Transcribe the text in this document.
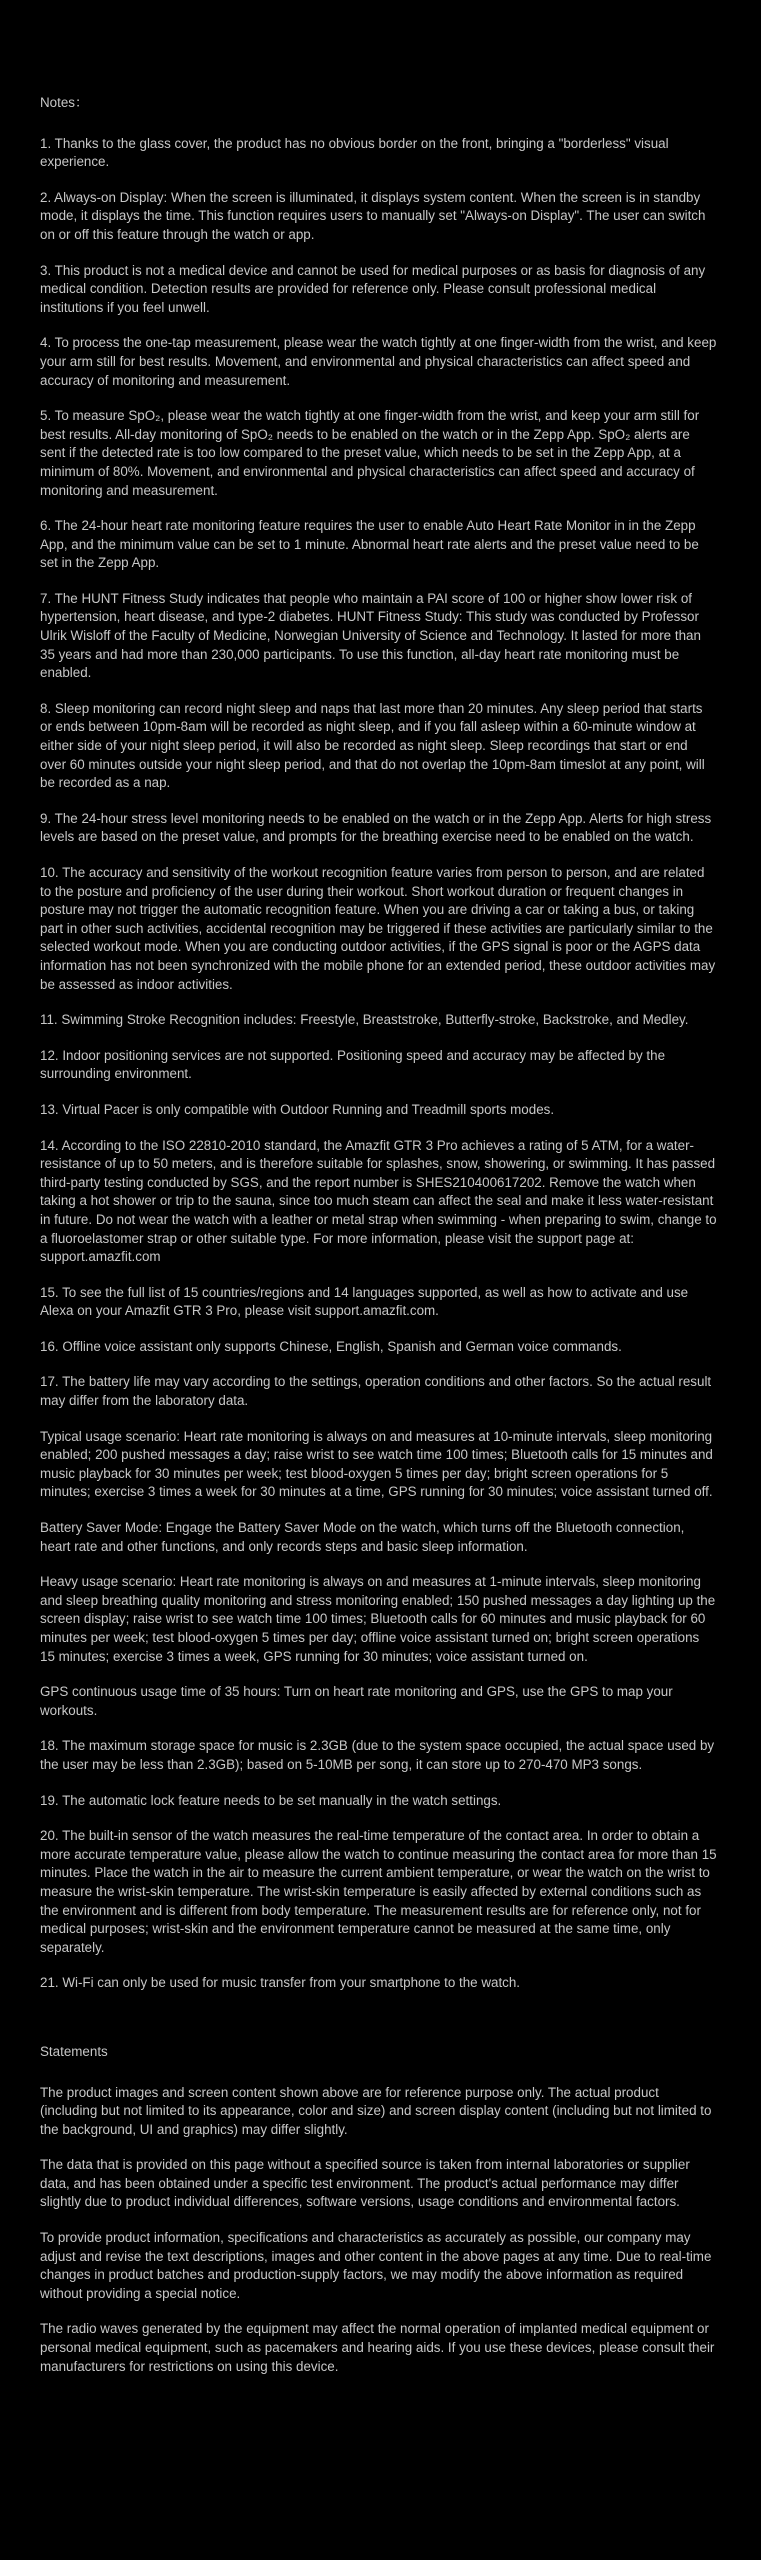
Notes：

1. Thanks to the glass cover, the product has no obvious border on the front, bringing a "borderless" visual experience.

2. Always-on Display: When the screen is illuminated, it displays system content. When the screen is in standby mode, it displays the time. This function requires users to manually set "Always-on Display". The user can switch on or off this feature through the watch or app.

3. This product is not a medical device and cannot be used for medical purposes or as basis for diagnosis of any medical condition. Detection results are provided for reference only. Please consult professional medical institutions if you feel unwell.

4. To process the one-tap measurement, please wear the watch tightly at one finger-width from the wrist, and keep your arm still for best results. Movement, and environmental and physical characteristics can affect speed and accuracy of monitoring and measurement.

5. To measure SpO₂, please wear the watch tightly at one finger-width from the wrist, and keep your arm still for best results. All-day monitoring of SpO₂ needs to be enabled on the watch or in the Zepp App. SpO₂ alerts are sent if the detected rate is too low compared to the preset value, which needs to be set in the Zepp App, at a minimum of 80%. Movement, and environmental and physical characteristics can affect speed and accuracy of monitoring and measurement.

6. The 24-hour heart rate monitoring feature requires the user to enable Auto Heart Rate Monitor in in the Zepp App, and the minimum value can be set to 1 minute. Abnormal heart rate alerts and the preset value need to be set in the Zepp App.

7. The HUNT Fitness Study indicates that people who maintain a PAI score of 100 or higher show lower risk of hypertension, heart disease, and type-2 diabetes. HUNT Fitness Study: This study was conducted by Professor Ulrik Wisloff of the Faculty of Medicine, Norwegian University of Science and Technology. It lasted for more than 35 years and had more than 230,000 participants. To use this function, all-day heart rate monitoring must be enabled.

8. Sleep monitoring can record night sleep and naps that last more than 20 minutes. Any sleep period that starts or ends between 10pm-8am will be recorded as night sleep, and if you fall asleep within a 60-minute window at either side of your night sleep period, it will also be recorded as night sleep. Sleep recordings that start or end over 60 minutes outside your night sleep period, and that do not overlap the 10pm-8am timeslot at any point, will be recorded as a nap.

9. The 24-hour stress level monitoring needs to be enabled on the watch or in the Zepp App. Alerts for high stress levels are based on the preset value, and prompts for the breathing exercise need to be enabled on the watch.

10. The accuracy and sensitivity of the workout recognition feature varies from person to person, and are related to the posture and proficiency of the user during their workout. Short workout duration or frequent changes in posture may not trigger the automatic recognition feature. When you are driving a car or taking a bus, or taking part in other such activities, accidental recognition may be triggered if these activities are particularly similar to the selected workout mode. When you are conducting outdoor activities, if the GPS signal is poor or the AGPS data information has not been synchronized with the mobile phone for an extended period, these outdoor activities may be assessed as indoor activities.

11. Swimming Stroke Recognition includes: Freestyle, Breaststroke, Butterfly-stroke, Backstroke, and Medley.

12. Indoor positioning services are not supported. Positioning speed and accuracy may be affected by the surrounding environment.

13. Virtual Pacer is only compatible with Outdoor Running and Treadmill sports modes.

14. According to the ISO 22810-2010 standard, the Amazfit GTR 3 Pro achieves a rating of 5 ATM, for a water-resistance of up to 50 meters, and is therefore suitable for splashes, snow, showering, or swimming. It has passed third-party testing conducted by SGS, and the report number is SHES210400617202. Remove the watch when taking a hot shower or trip to the sauna, since too much steam can affect the seal and make it less water-resistant in future. Do not wear the watch with a leather or metal strap when swimming - when preparing to swim, change to a fluoroelastomer strap or other suitable type. For more information, please visit the support page at: support.amazfit.com

15. To see the full list of 15 countries/regions and 14 languages supported, as well as how to activate and use Alexa on your Amazfit GTR 3 Pro, please visit support.amazfit.com.

16. Offline voice assistant only supports Chinese, English, Spanish and German voice commands.

17. The battery life may vary according to the settings, operation conditions and other factors. So the actual result may differ from the laboratory data.

Typical usage scenario: Heart rate monitoring is always on and measures at 10-minute intervals, sleep monitoring enabled; 200 pushed messages a day; raise wrist to see watch time 100 times; Bluetooth calls for 15 minutes and music playback for 30 minutes per week; test blood-oxygen 5 times per day; bright screen operations for 5 minutes; exercise 3 times a week for 30 minutes at a time, GPS running for 30 minutes; voice assistant turned off.

Battery Saver Mode: Engage the Battery Saver Mode on the watch, which turns off the Bluetooth connection, heart rate and other functions, and only records steps and basic sleep information.

Heavy usage scenario: Heart rate monitoring is always on and measures at 1-minute intervals, sleep monitoring and sleep breathing quality monitoring and stress monitoring enabled; 150 pushed messages a day lighting up the screen display; raise wrist to see watch time 100 times; Bluetooth calls for 60 minutes and music playback for 60 minutes per week; test blood-oxygen 5 times per day; offline voice assistant turned on; bright screen operations 15 minutes; exercise 3 times a week, GPS running for 30 minutes; voice assistant turned on.

GPS continuous usage time of 35 hours: Turn on heart rate monitoring and GPS, use the GPS to map your workouts.

18. The maximum storage space for music is 2.3GB (due to the system space occupied, the actual space used by the user may be less than 2.3GB); based on 5-10MB per song, it can store up to 270-470 MP3 songs.

19. The automatic lock feature needs to be set manually in the watch settings.

20. The built-in sensor of the watch measures the real-time temperature of the contact area. In order to obtain a more accurate temperature value, please allow the watch to continue measuring the contact area for more than 15 minutes. Place the watch in the air to measure the current ambient temperature, or wear the watch on the wrist to measure the wrist-skin temperature. The wrist-skin temperature is easily affected by external conditions such as the environment and is different from body temperature. The measurement results are for reference only, not for medical purposes; wrist-skin and the environment temperature cannot be measured at the same time, only separately.

21. Wi-Fi can only be used for music transfer from your smartphone to the watch.

Statements

The product images and screen content shown above are for reference purpose only. The actual product (including but not limited to its appearance, color and size) and screen display content (including but not limited to the background, UI and graphics) may differ slightly.

The data that is provided on this page without a specified source is taken from internal laboratories or supplier data, and has been obtained under a specific test environment. The product's actual performance may differ slightly due to product individual differences, software versions, usage conditions and environmental factors.

To provide product information, specifications and characteristics as accurately as possible, our company may adjust and revise the text descriptions, images and other content in the above pages at any time. Due to real-time changes in product batches and production-supply factors, we may modify the above information as required without providing a special notice.

The radio waves generated by the equipment may affect the normal operation of implanted medical equipment or personal medical equipment, such as pacemakers and hearing aids. If you use these devices, please consult their manufacturers for restrictions on using this device.
